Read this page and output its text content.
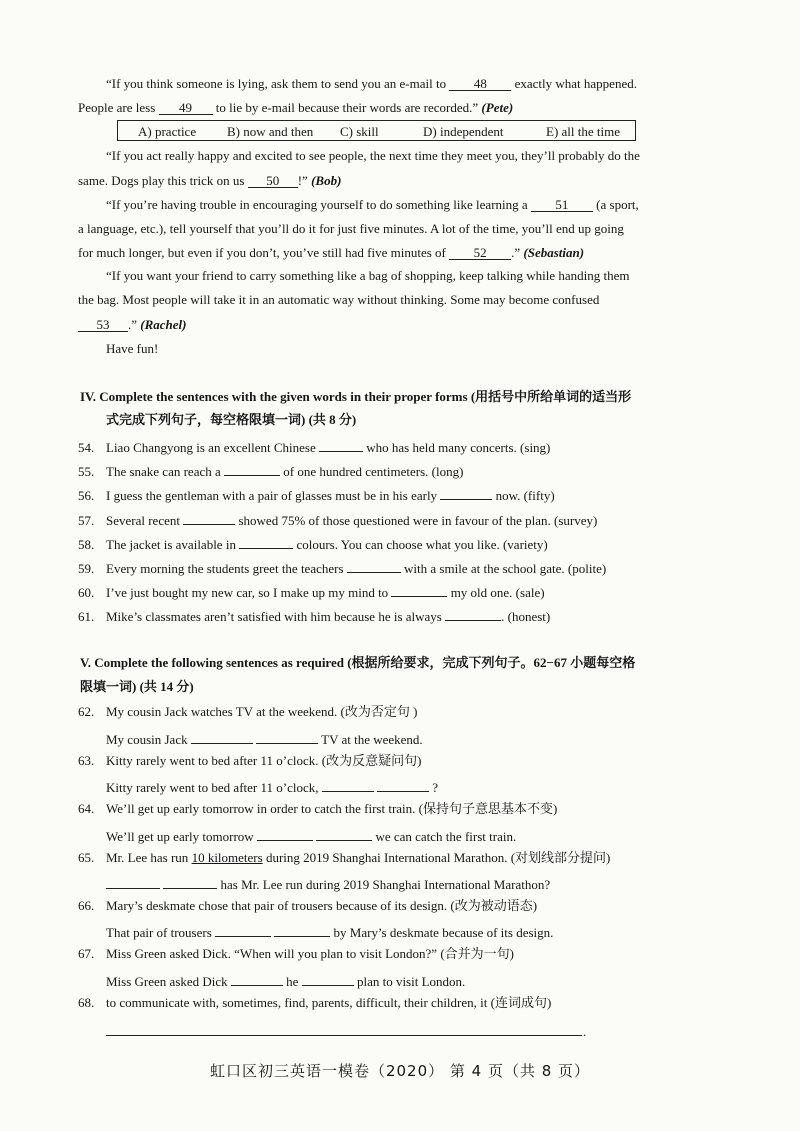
“If you think someone is lying, ask them to send you an e-mail to 48 exactly what happened.
People are less 49 to lie by e-mail because their words are recorded.” (Pete)
A) practice B) now and then C) skill	D) independent	E) all the time
“If you act really happy and excited to see people, the next time they meet you, they’ll probably do the
same. Dogs play this trick on us 50 !” (Bob)
“If you’re having trouble in encouraging yourself to do something like learning a 51 (a sport,
a language, etc.), tell yourself that you’ll do it for just five minutes. A lot of the time, you’ll end up going
for much longer, but even if you don’t, you’ve still had five minutes of 52 .” (Sebastian)
“If you want your friend to carry something like a bag of shopping, keep talking while handing them
the bag. Most people will take it in an automatic way without thinking. Some may become confused
53 .” (Rachel)
Have fun!
IV. Complete the sentences with the given words in their proper forms (用括号中所给单词的适当形
式完成下列句子，每空格限填一词) (共 8 分)
54. Liao Changyong is an excellent Chinese	who has held many concerts. (sing)
55. The snake can reach a	of one hundred centimeters. (long)
56. I guess the gentleman with a pair of glasses must be in his early	now. (fifty)
57. Several recent	showed 75% of those questioned were in favour of the plan. (survey)
58. The jacket is available in	colours. You can choose what you like. (variety)
59. Every morning the students greet the teachers	with a smile at the school gate. (polite)
60. I’ve just bought my new car, so I make up my mind to	my old one. (sale)
61. Mike’s classmates aren’t satisfied with him because he is always	. (honest)
V. Complete the following sentences as required (根据所给要求，完成下列句子。62−67 小题每空格
限填一词) (共 14 分)
62. My cousin Jack watches TV at the weekend. (改为否定句 )
My cousin Jack	TV at the weekend.
63. Kitty rarely went to bed after 11 o’clock. (改为反意疑问句)
Kitty rarely went to bed after 11 o’clock,	?
64. We’ll get up early tomorrow in order to catch the first train. (保持句子意思基本不变)
We’ll get up early tomorrow	we can catch the first train.
65. Mr. Lee has run 10 kilometers during 2019 Shanghai International Marathon. (对划线部分提问)
has Mr. Lee run during 2019 Shanghai International Marathon?
66. Mary’s deskmate chose that pair of trousers because of its design. (改为被动语态)
That pair of trousers	by Mary’s deskmate because of its design.
67. Miss Green asked Dick. “When will you plan to visit London?” (合并为一句)
Miss Green asked Dick	he	plan to visit London.
68. to communicate with, sometimes, find, parents, difficult, their children, it (连词成句)
.
虹口区初三英语一模卷（2020） 第 4 页（共 8 页）
